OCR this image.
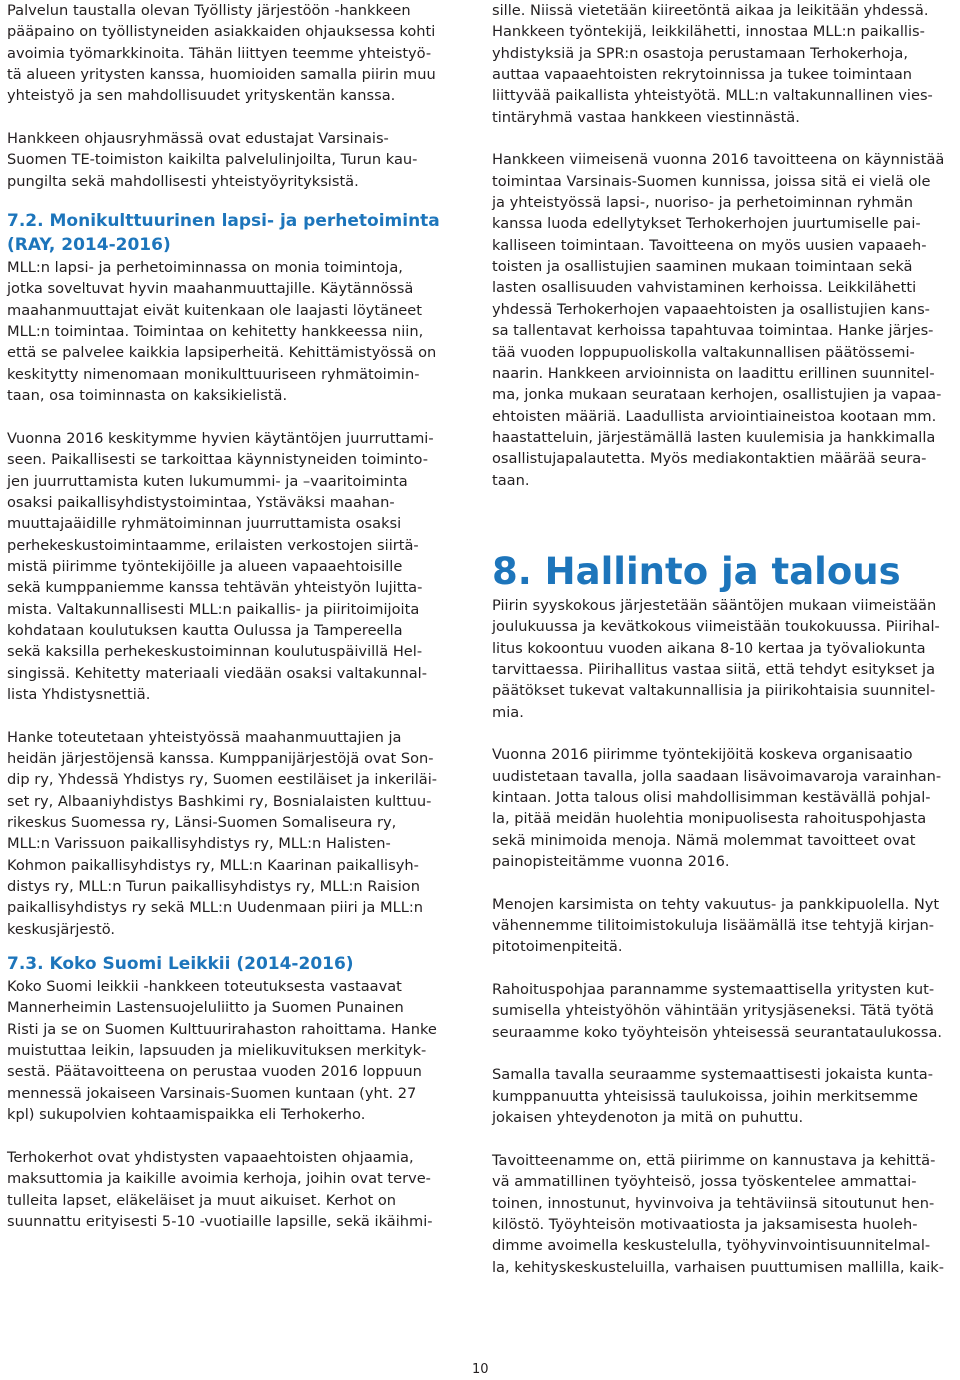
Palvelun taustalla olevan Työllisty järjestöön -hankkeen
pääpaino on työllistyneiden asiakkaiden ohjauksessa kohti
avoimia työmarkkinoita. Tähän liittyen teemme yhteistyö-
tä alueen yritysten kanssa, huomioiden samalla piirin muu
yhteistyö ja sen mahdollisuudet yrityskentän kanssa.

Hankkeen ohjausryhmässä ovat edustajat Varsinais-
Suomen TE-toimiston kaikilta palvelulinjoilta, Turun kau-
pungilta sekä mahdollisesti yhteistyöyrityksistä.

7.2. Monikulttuurinen lapsi- ja perhetoiminta
(RAY, 2014-2016)

MLL:n lapsi- ja perhetoiminnassa on monia toimintoja,
jotka soveltuvat hyvin maahanmuuttajille. Käytännössä
maahanmuuttajat eivät kuitenkaan ole laajasti löytäneet
MLL:n toimintaa. Toimintaa on kehitetty hankkeessa niin,
että se palvelee kaikkia lapsiperheitä. Kehittämistyössä on
keskitytty nimenomaan monikulttuuriseen ryhmätoimin-
taan, osa toiminnasta on kaksikielistä.

Vuonna 2016 keskitymme hyvien käytäntöjen juurruttami-
seen. Paikallisesti se tarkoittaa käynnistyneiden toiminto-
jen juurruttamista kuten lukumummi- ja –vaaritoiminta
osaksi paikallisyhdistystoimintaa, Ystäväksi maahan-
muuttajaäidille ryhmätoiminnan juurruttamista osaksi
perhekeskustoimintaamme, erilaisten verkostojen siirtä-
mistä piirimme työntekijöille ja alueen vapaaehtoisille
sekä kumppaniemme kanssa tehtävän yhteistyön lujitta-
mista. Valtakunnallisesti MLL:n paikallis- ja piiritoimijoita
kohdataan koulutuksen kautta Oulussa ja Tampereella
sekä kaksilla perhekeskustoiminnan koulutuspäivillä Hel-
singissä. Kehitetty materiaali viedään osaksi valtakunnal-
lista Yhdistysnettiä.

Hanke toteutetaan yhteistyössä maahanmuuttajien ja
heidän järjestöjensä kanssa. Kumppanijärjestöjä ovat Son-
dip ry, Yhdessä Yhdistys ry, Suomen eestiläiset ja inkeriläi-
set ry, Albaaniyhdistys Bashkimi ry, Bosnialaisten kulttuu-
rikeskus Suomessa ry, Länsi-Suomen Somaliseura ry,
MLL:n Varissuon paikallisyhdistys ry, MLL:n Halisten-
Kohmon paikallisyhdistys ry, MLL:n Kaarinan paikallisyh-
distys ry, MLL:n Turun paikallisyhdistys ry, MLL:n Raision
paikallisyhdistys ry sekä MLL:n Uudenmaan piiri ja MLL:n
keskusjärjestö.

7.3. Koko Suomi Leikkii (2014-2016)

Koko Suomi leikkii -hankkeen toteutuksesta vastaavat
Mannerheimin Lastensuojeluliitto ja Suomen Punainen
Risti ja se on Suomen Kulttuurirahaston rahoittama. Hanke
muistuttaa leikin, lapsuuden ja mielikuvituksen merkityk-
sestä. Päätavoitteena on perustaa vuoden 2016 loppuun
mennessä jokaiseen Varsinais-Suomen kuntaan (yht. 27
kpl) sukupolvien kohtaamispaikka eli Terhokerho.

Terhokerhot ovat yhdistysten vapaaehtoisten ohjaamia,
maksuttomia ja kaikille avoimia kerhoja, joihin ovat terve-
tulleita lapset, eläkeläiset ja muut aikuiset. Kerhot on
suunnattu erityisesti 5-10 -vuotiaille lapsille, sekä ikäihmi-

sille. Niissä vietetään kiireetöntä aikaa ja leikitään yhdessä.
Hankkeen työntekijä, leikkilähetti, innostaa MLL:n paikallis-
yhdistyksiä ja SPR:n osastoja perustamaan Terhokerhoja,
auttaa vapaaehtoisten rekrytoinnissa ja tukee toimintaan
liittyvää paikallista yhteistyötä. MLL:n valtakunnallinen vies-
tintäryhmä vastaa hankkeen viestinnästä.

Hankkeen viimeisenä vuonna 2016 tavoitteena on käynnistää
toimintaa Varsinais-Suomen kunnissa, joissa sitä ei vielä ole
ja yhteistyössä lapsi-, nuoriso- ja perhetoiminnan ryhmän
kanssa luoda edellytykset Terhokerhojen juurtumiselle pai-
kalliseen toimintaan. Tavoitteena on myös uusien vapaaeh-
toisten ja osallistujien saaminen mukaan toimintaan sekä
lasten osallisuuden vahvistaminen kerhoissa. Leikkilähetti
yhdessä Terhokerhojen vapaaehtoisten ja osallistujien kans-
sa tallentavat kerhoissa tapahtuvaa toimintaa. Hanke järjes-
tää vuoden loppupuoliskolla valtakunnallisen päätössemi-
naarin. Hankkeen arvioinnista on laadittu erillinen suunnitel-
ma, jonka mukaan seurataan kerhojen, osallistujien ja vapaa-
ehtoisten määriä. Laadullista arviointiaineistoa kootaan mm.
haastatteluin, järjestämällä lasten kuulemisia ja hankkimalla
osallistujapalautetta. Myös mediakontaktien määrää seura-
taan.

8. Hallinto ja talous

Piirin syyskokous järjestetään sääntöjen mukaan viimeistään
joulukuussa ja kevätkokous viimeistään toukokuussa. Piirihal-
litus kokoontuu vuoden aikana 8-10 kertaa ja työvaliokunta
tarvittaessa. Piirihallitus vastaa siitä, että tehdyt esitykset ja
päätökset tukevat valtakunnallisia ja piirikohtaisia suunnitel-
mia.

Vuonna 2016 piirimme työntekijöitä koskeva organisaatio
uudistetaan tavalla, jolla saadaan lisävoimavaroja varainhan-
kintaan. Jotta talous olisi mahdollisimman kestävällä pohjal-
la, pitää meidän huolehtia monipuolisesta rahoituspohjasta
sekä minimoida menoja. Nämä molemmat tavoitteet ovat
painopisteitämme vuonna 2016.

Menojen karsimista on tehty vakuutus- ja pankkipuolella. Nyt
vähennemme tilitoimistokuluja lisäämällä itse tehtyjä kirjan-
pitotoimenpiteitä.

Rahoituspohjaa parannamme systemaattisella yritysten kut-
sumisella yhteistyöhön vähintään yritysjäseneksi. Tätä työtä
seuraamme koko työyhteisön yhteisessä seurantataulukossa.

Samalla tavalla seuraamme systemaattisesti jokaista kunta-
kumppanuutta yhteisissä taulukoissa, joihin merkitsemme
jokaisen yhteydenoton ja mitä on puhuttu.

Tavoitteenamme on, että piirimme on kannustava ja kehittä-
vä ammatillinen työyhteisö, jossa työskentelee ammattai-
toinen, innostunut, hyvinvoiva ja tehtäviinsä sitoutunut hen-
kilöstö. Työyhteisön motivaatiosta ja jaksamisesta huoleh-
dimme avoimella keskustelulla, työhyvinvointisuunnitelmal-
la, kehityskeskusteluilla, varhaisen puuttumisen mallilla, kaik-

10
